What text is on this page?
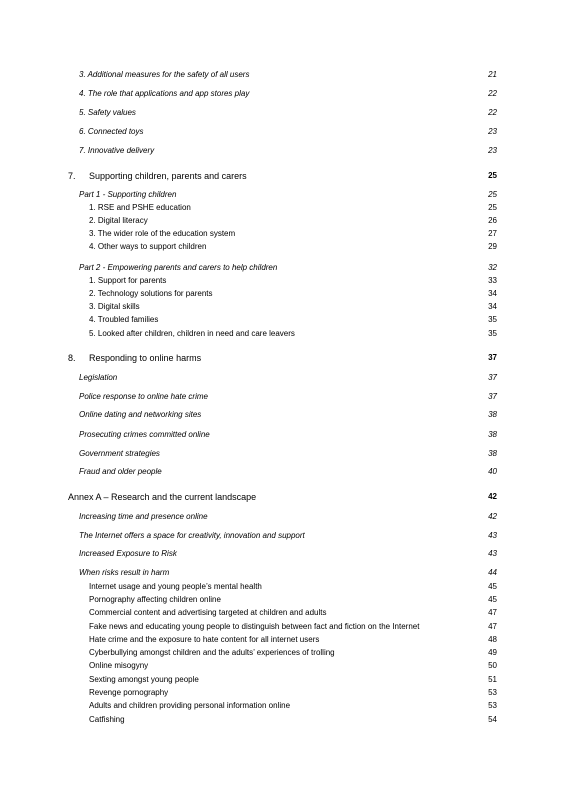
3. Additional measures for the safety of all users	21
4. The role that applications and app stores play	22
5. Safety values	22
6. Connected toys	23
7. Innovative delivery	23
7. Supporting children, parents and carers	25
Part 1 - Supporting children	25
1. RSE and PSHE education	25
2. Digital literacy	26
3. The wider role of the education system	27
4. Other ways to support children	29
Part 2 - Empowering parents and carers to help children	32
1. Support for parents	33
2. Technology solutions for parents	34
3. Digital skills	34
4. Troubled families	35
5. Looked after children, children in need and care leavers	35
8. Responding to online harms	37
Legislation	37
Police response to online hate crime	37
Online dating and networking sites	38
Prosecuting crimes committed online	38
Government strategies	38
Fraud and older people	40
Annex A – Research and the current landscape	42
Increasing time and presence online	42
The Internet offers a space for creativity, innovation and support	43
Increased Exposure to Risk	43
When risks result in harm	44
Internet usage and young people’s mental health	45
Pornography affecting children online	45
Commercial content and advertising targeted at children and adults	47
Fake news and educating young people to distinguish between fact and fiction on the Internet	47
Hate crime and the exposure to hate content for all internet users	48
Cyberbullying amongst children and the adults’ experiences of trolling	49
Online misogyny	50
Sexting amongst young people	51
Revenge pornography	53
Adults and children providing personal information online	53
Catfishing	54
